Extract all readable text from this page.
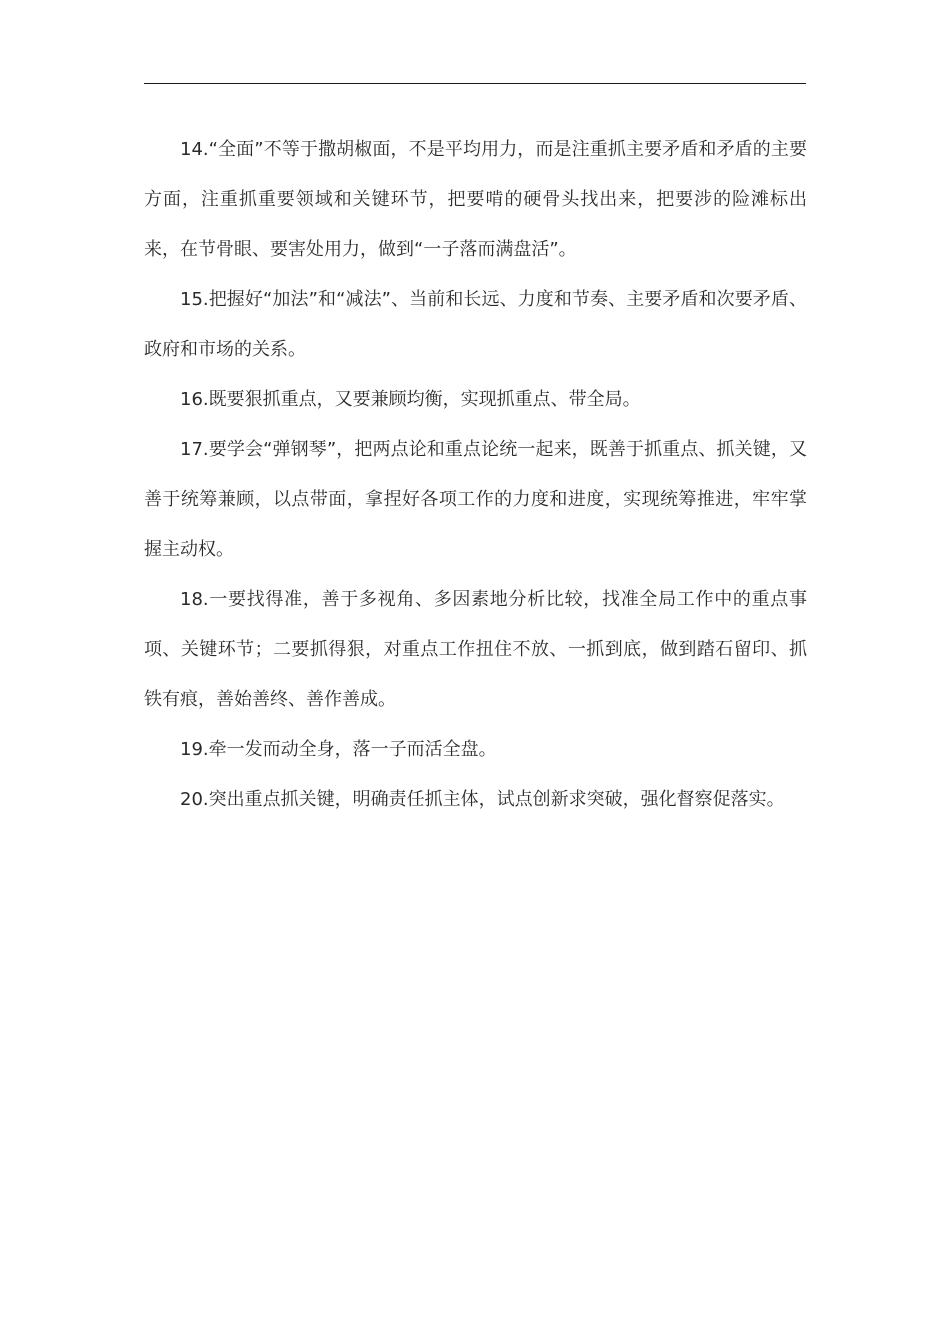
14.“全面”不等于撒胡椒面，不是平均用力，而是注重抓主要矛盾和矛盾的主要方面，注重抓重要领域和关键环节，把要啃的硬骨头找出来，把要涉的险滩标出来，在节骨眼、要害处用力，做到“一子落而满盘活”。

15.把握好“加法”和“减法”、当前和长远、力度和节奏、主要矛盾和次要矛盾、政府和市场的关系。

16.既要狠抓重点，又要兼顾均衡，实现抓重点、带全局。

17.要学会“弹钢琴”，把两点论和重点论统一起来，既善于抓重点、抓关键，又善于统筹兼顾，以点带面，拿捏好各项工作的力度和进度，实现统筹推进，牢牢掌握主动权。

18.一要找得准，善于多视角、多因素地分析比较，找准全局工作中的重点事项、关键环节；二要抓得狠，对重点工作扭住不放、一抓到底，做到踏石留印、抓铁有痕，善始善终、善作善成。

19.牵一发而动全身，落一子而活全盘。

20.突出重点抓关键，明确责任抓主体，试点创新求突破，强化督察促落实。
